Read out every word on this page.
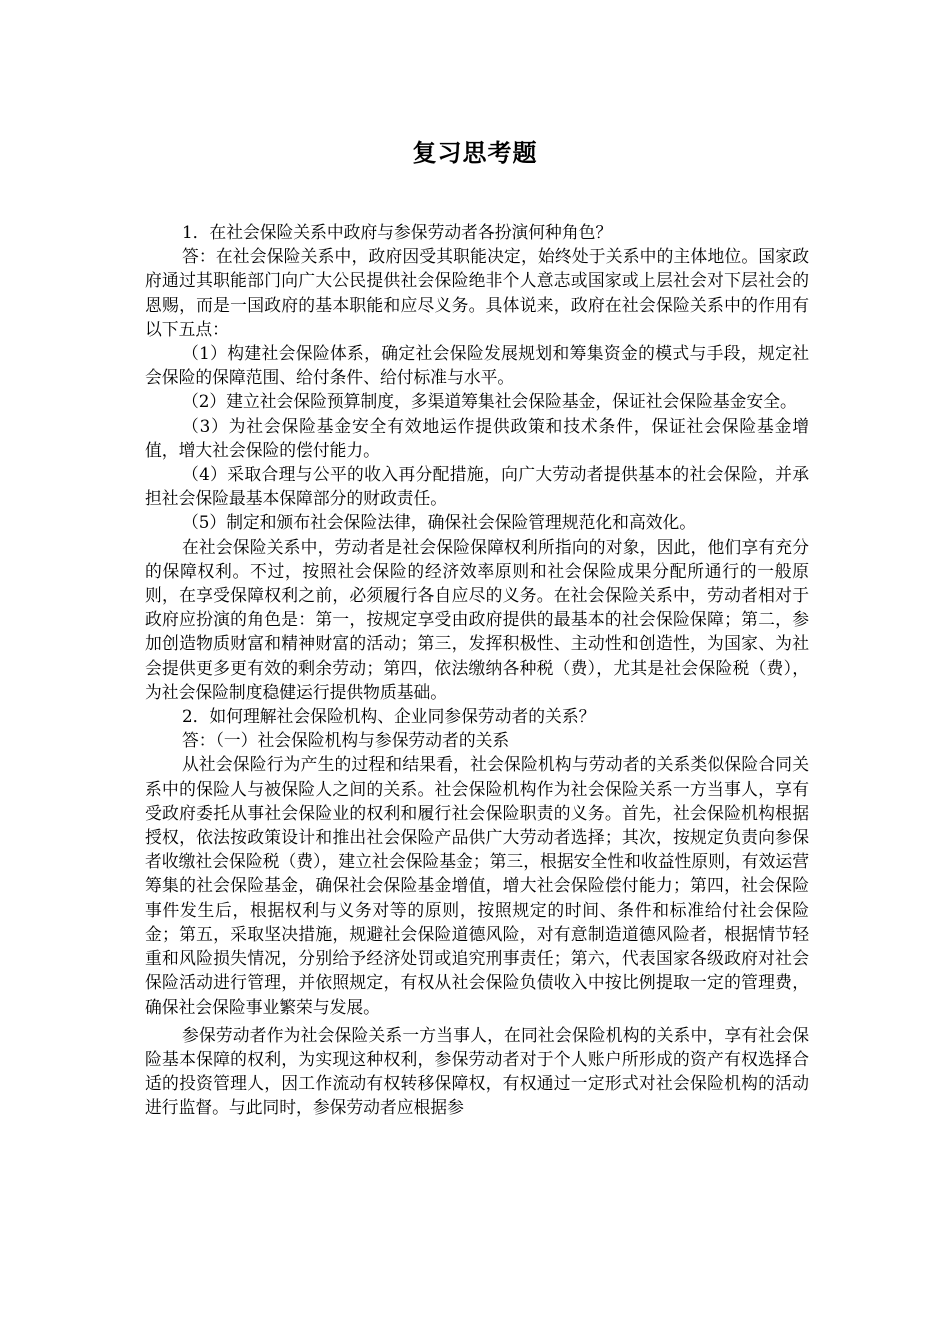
复习思考题

1．在社会保险关系中政府与参保劳动者各扮演何种角色？

答：在社会保险关系中，政府因受其职能决定，始终处于关系中的主体地位。国家政府通过其职能部门向广大公民提供社会保险绝非个人意志或国家或上层社会对下层社会的恩赐，而是一国政府的基本职能和应尽义务。具体说来，政府在社会保险关系中的作用有以下五点：

（1）构建社会保险体系，确定社会保险发展规划和筹集资金的模式与手段，规定社会保险的保障范围、给付条件、给付标准与水平。

（2）建立社会保险预算制度，多渠道筹集社会保险基金，保证社会保险基金安全。

（3）为社会保险基金安全有效地运作提供政策和技术条件，保证社会保险基金增值，增大社会保险的偿付能力。

（4）采取合理与公平的收入再分配措施，向广大劳动者提供基本的社会保险，并承担社会保险最基本保障部分的财政责任。

（5）制定和颁布社会保险法律，确保社会保险管理规范化和高效化。

在社会保险关系中，劳动者是社会保险保障权利所指向的对象，因此，他们享有充分的保障权利。不过，按照社会保险的经济效率原则和社会保险成果分配所通行的一般原则，在享受保障权利之前，必须履行各自应尽的义务。在社会保险关系中，劳动者相对于政府应扮演的角色是：第一，按规定享受由政府提供的最基本的社会保险保障；第二，参加创造物质财富和精神财富的活动；第三，发挥积极性、主动性和创造性，为国家、为社会提供更多更有效的剩余劳动；第四，依法缴纳各种税（费），尤其是社会保险税（费），为社会保险制度稳健运行提供物质基础。

2．如何理解社会保险机构、企业同参保劳动者的关系？

答：（一）社会保险机构与参保劳动者的关系

从社会保险行为产生的过程和结果看，社会保险机构与劳动者的关系类似保险合同关系中的保险人与被保险人之间的关系。社会保险机构作为社会保险关系一方当事人，享有受政府委托从事社会保险业的权利和履行社会保险职责的义务。首先，社会保险机构根据授权，依法按政策设计和推出社会保险产品供广大劳动者选择；其次，按规定负责向参保者收缴社会保险税（费），建立社会保险基金；第三，根据安全性和收益性原则，有效运营筹集的社会保险基金，确保社会保险基金增值，增大社会保险偿付能力；第四，社会保险事件发生后，根据权利与义务对等的原则，按照规定的时间、条件和标准给付社会保险金；第五，采取坚决措施，规避社会保险道德风险，对有意制造道德风险者，根据情节轻重和风险损失情况，分别给予经济处罚或追究刑事责任；第六，代表国家各级政府对社会保险活动进行管理，并依照规定，有权从社会保险负债收入中按比例提取一定的管理费，确保社会保险事业繁荣与发展。

参保劳动者作为社会保险关系一方当事人，在同社会保险机构的关系中，享有社会保险基本保障的权利，为实现这种权利，参保劳动者对于个人账户所形成的资产有权选择合适的投资管理人，因工作流动有权转移保障权，有权通过一定形式对社会保险机构的活动进行监督。与此同时，参保劳动者应根据参
